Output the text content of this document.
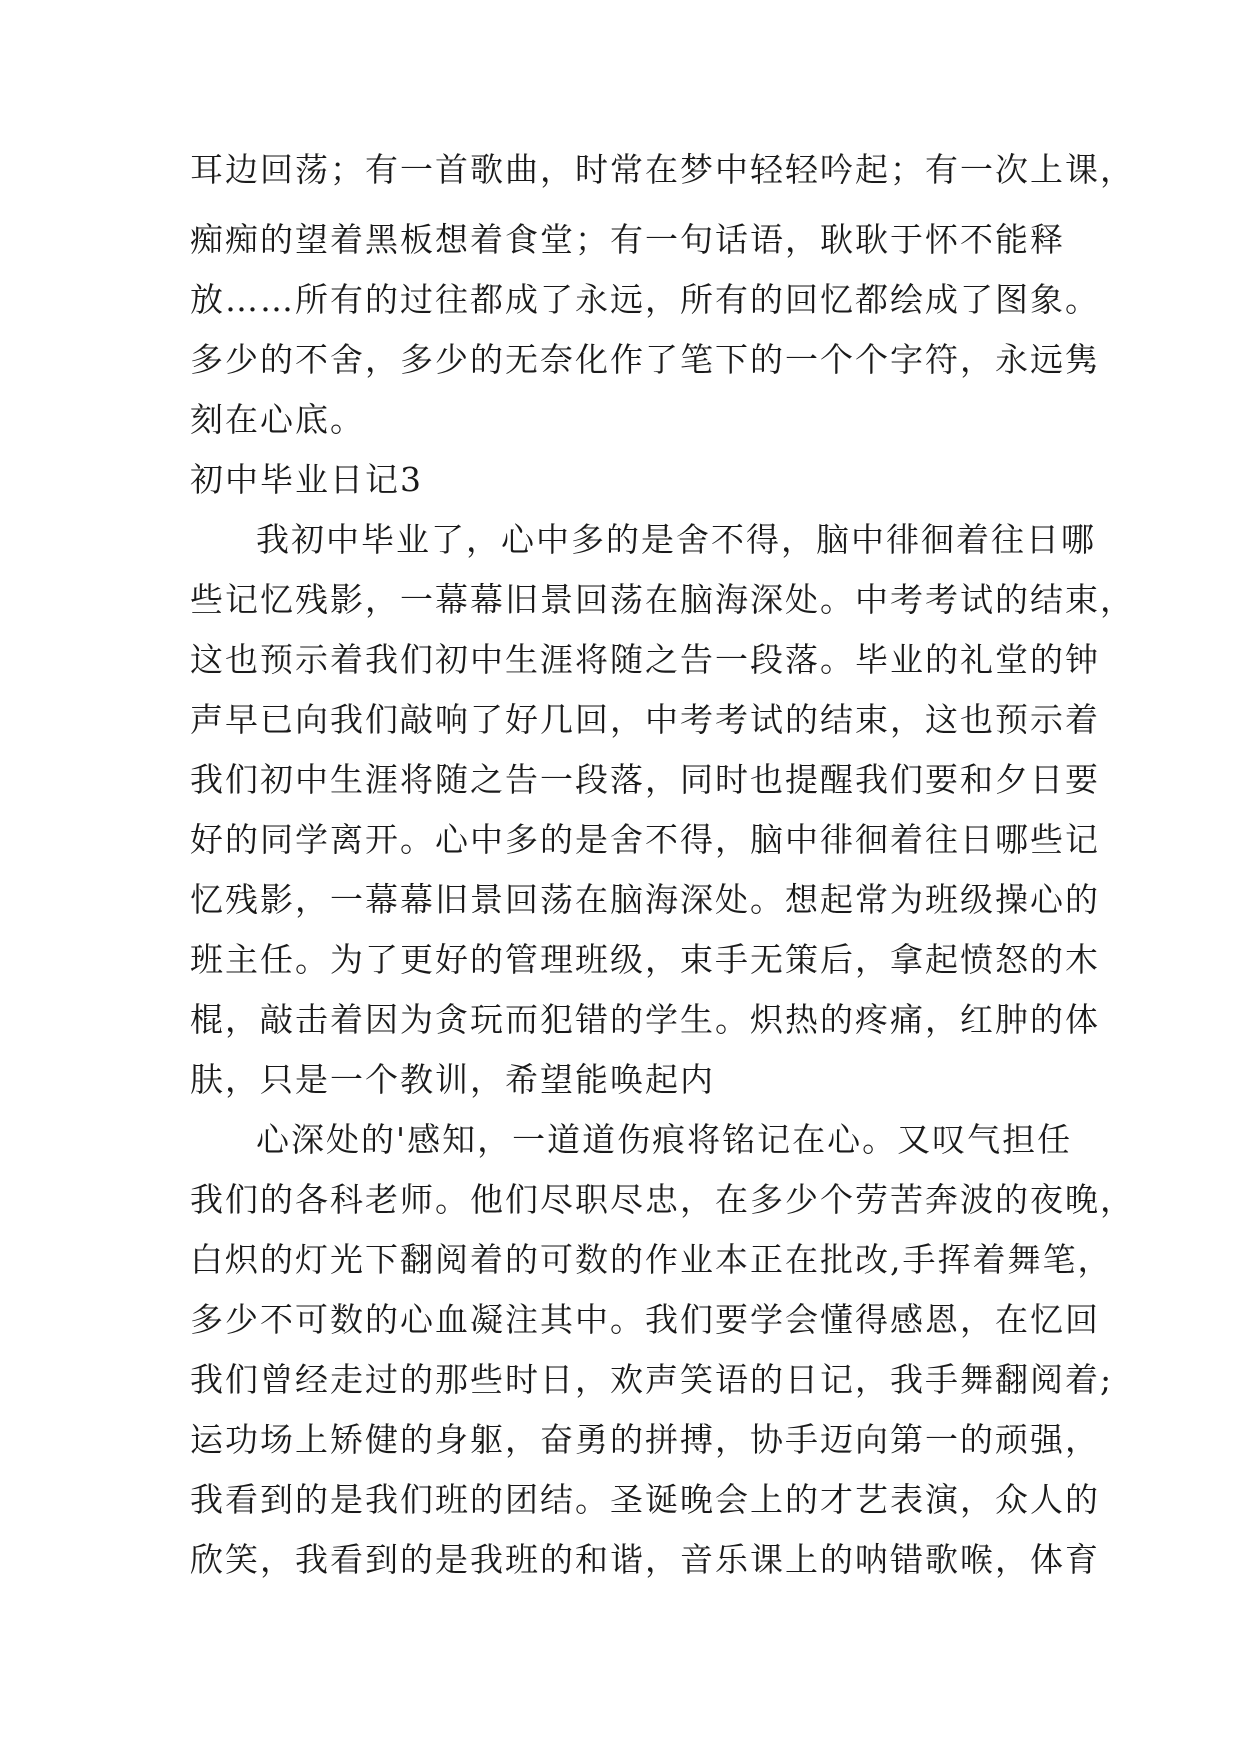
耳边回荡；有一首歌曲，时常在梦中轻轻吟起；有一次上课，
痴痴的望着黑板想着食堂；有一句话语，耿耿于怀不能释
放……所有的过往都成了永远，所有的回忆都绘成了图象。
多少的不舍，多少的无奈化作了笔下的一个个字符，永远隽
刻在心底。
初中毕业日记3
我初中毕业了，心中多的是舍不得，脑中徘徊着往日哪
些记忆残影，一幕幕旧景回荡在脑海深处。中考考试的结束，
这也预示着我们初中生涯将随之告一段落。毕业的礼堂的钟
声早已向我们敲响了好几回，中考考试的结束，这也预示着
我们初中生涯将随之告一段落，同时也提醒我们要和夕日要
好的同学离开。心中多的是舍不得，脑中徘徊着往日哪些记
忆残影，一幕幕旧景回荡在脑海深处。想起常为班级操心的
班主任。为了更好的管理班级，束手无策后，拿起愤怒的木
棍，敲击着因为贪玩而犯错的学生。炽热的疼痛，红肿的体
肤，只是一个教训，希望能唤起内
心深处的'感知，一道道伤痕将铭记在心。又叹气担任
我们的各科老师。他们尽职尽忠，在多少个劳苦奔波的夜晚，
白炽的灯光下翻阅着的可数的作业本正在批改,手挥着舞笔，
多少不可数的心血凝注其中。我们要学会懂得感恩，在忆回
我们曾经走过的那些时日，欢声笑语的日记，我手舞翻阅着;
运功场上矫健的身躯，奋勇的拼搏，协手迈向第一的顽强，
我看到的是我们班的团结。圣诞晚会上的才艺表演，众人的
欣笑，我看到的是我班的和谐，音乐课上的呐错歌喉，体育
